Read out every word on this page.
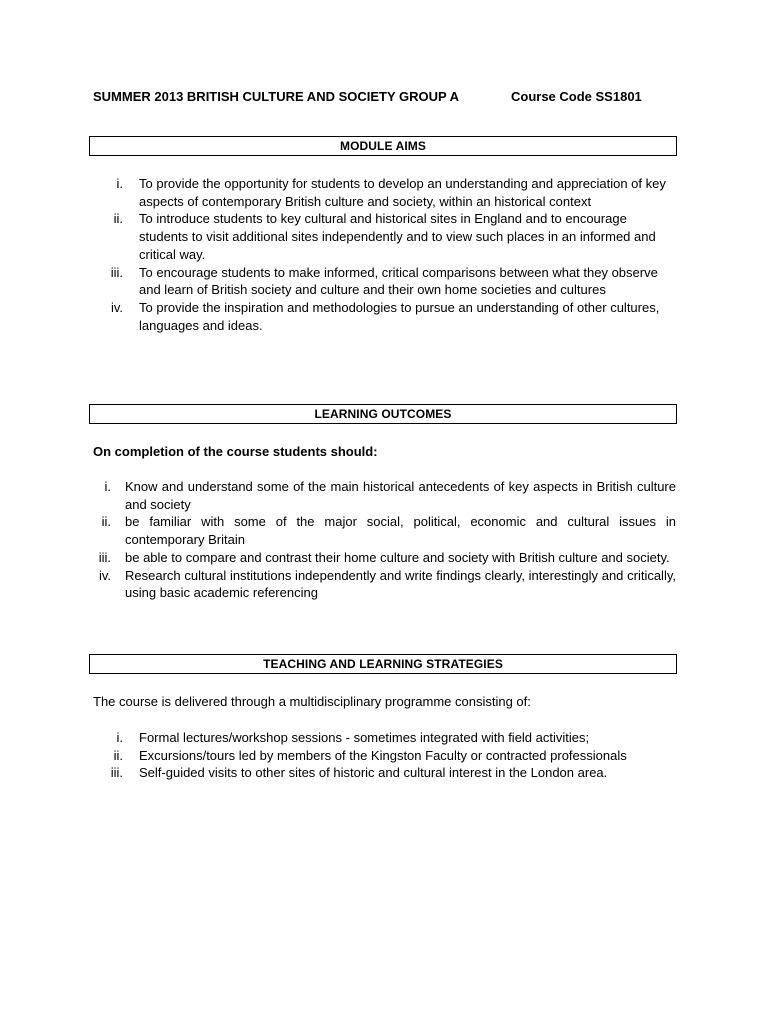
SUMMER 2013 BRITISH CULTURE AND SOCIETY GROUP A	Course Code SS1801
MODULE AIMS
i. To provide the opportunity for students to develop an understanding and appreciation of key aspects of contemporary British culture and society, within an historical context
ii. To introduce students to key cultural and historical sites in England and to encourage students to visit additional sites independently and to view such places in an informed and critical way.
iii. To encourage students to make informed, critical comparisons between what they observe and learn of British society and culture and their own home societies and cultures
iv. To provide the inspiration and methodologies to pursue an understanding of other cultures, languages and ideas.
LEARNING OUTCOMES
On completion of the course students should:
i. Know and understand some of the main historical antecedents of key aspects in British culture and society
ii. be familiar with some of the major social, political, economic and cultural issues in contemporary Britain
iii. be able to compare and contrast their home culture and society with British culture and society.
iv. Research cultural institutions independently and write findings clearly, interestingly and critically, using basic academic referencing
TEACHING AND LEARNING STRATEGIES
The course is delivered through a multidisciplinary programme consisting of:
i. Formal lectures/workshop sessions - sometimes integrated with field activities;
ii. Excursions/tours led by members of the Kingston Faculty or contracted professionals
iii. Self-guided visits to other sites of historic and cultural interest in the London area.
